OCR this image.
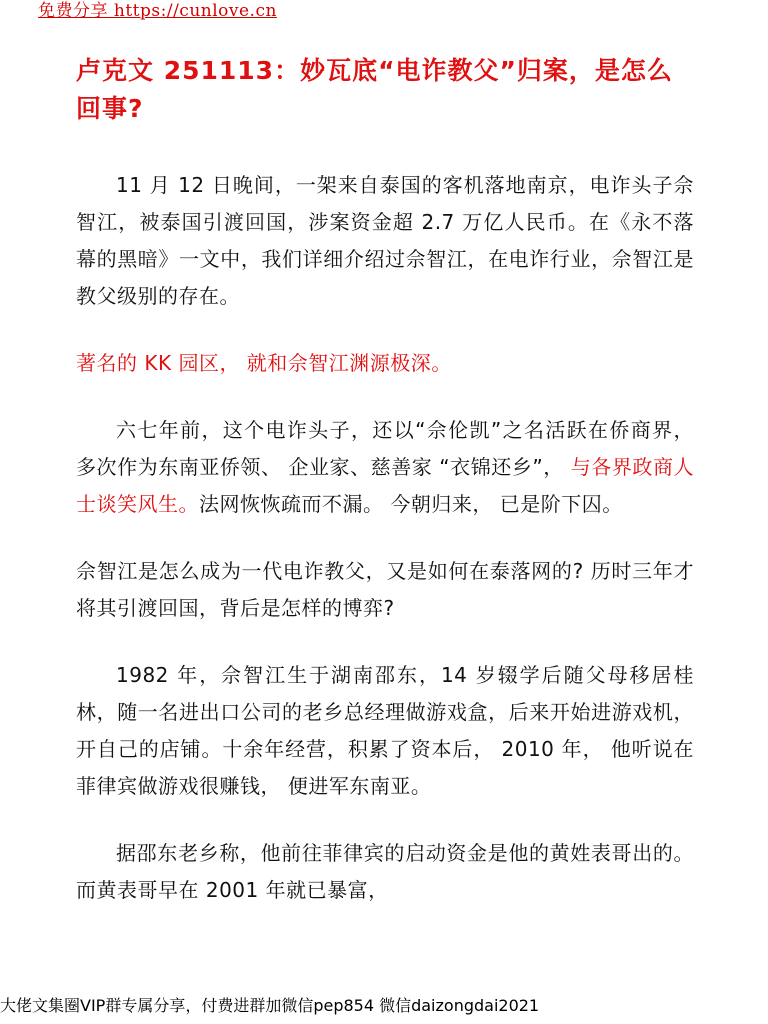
免费分享 https://cunlove.cn
卢克文 251113：妙瓦底“电诈教父”归案，是怎么回事?

11 月 12 日晚间，一架来自泰国的客机落地南京，电诈头子佘智江，被泰国引渡回国，涉案资金超 2.7 万亿人民币。在《永不落幕的黑暗》一文中，我们详细介绍过佘智江，在电诈行业，佘智江是教父级别的存在。

著名的 KK 园区， 就和佘智江渊源极深。

六七年前，这个电诈头子，还以“佘伦凯”之名活跃在侨商界， 多次作为东南亚侨领、 企业家、慈善家 “衣锦还乡”， 与各界政商人士谈笑风生。法网恢恢疏而不漏。 今朝归来， 已是阶下囚。

佘智江是怎么成为一代电诈教父，又是如何在泰落网的? 历时三年才将其引渡回国，背后是怎样的博弈?

1982 年，佘智江生于湖南邵东，14 岁辍学后随父母移居桂林，随一名进出口公司的老乡总经理做游戏盒，后来开始进游戏机，开自己的店铺。十余年经营，积累了资本后， 2010 年， 他听说在菲律宾做游戏很赚钱， 便进军东南亚。

据邵东老乡称，他前往菲律宾的启动资金是他的黄姓表哥出的。而黄表哥早在 2001 年就已暴富，

大佬文集圈VIP群专属分享，付费进群加微信pep854 微信daizongdai2021
